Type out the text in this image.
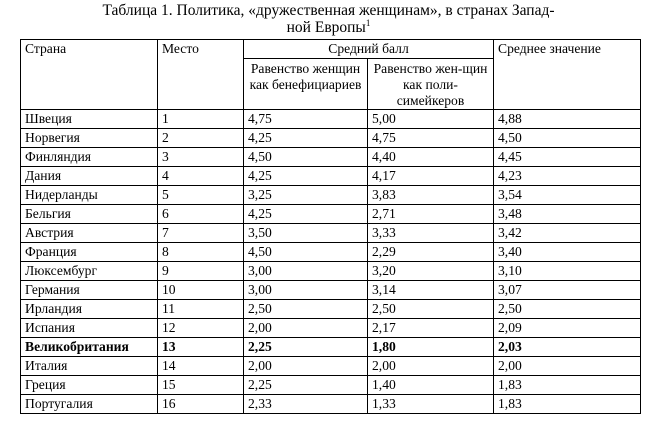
Таблица 1. Политика, «дружественная женщинам», в странах Запад-
ной Европы$^1$
Страна	Место	Средний балл		Среднее значение
		Равенство женщин как бенефициариев	Равенство жен-щин как поли-симейкеров	
Швеция	1	4,75	5,00	4,88
Норвегия	2	4,25	4,75	4,50
Финляндия	3	4,50	4,40	4,45
Дания	4	4,25	4,17	4,23
Нидерланды	5	3,25	3,83	3,54
Бельгия	6	4,25	2,71	3,48
Австрия	7	3,50	3,33	3,42
Франция	8	4,50	2,29	3,40
Люксембург	9	3,00	3,20	3,10
Германия	10	3,00	3,14	3,07
Ирландия	11	2,50	2,50	2,50
Испания	12	2,00	2,17	2,09
Великобритания	13	2,25	1,80	2,03
Италия	14	2,00	2,00	2,00
Греция	15	2,25	1,40	1,83
Португалия	16	2,33	1,33	1,83
